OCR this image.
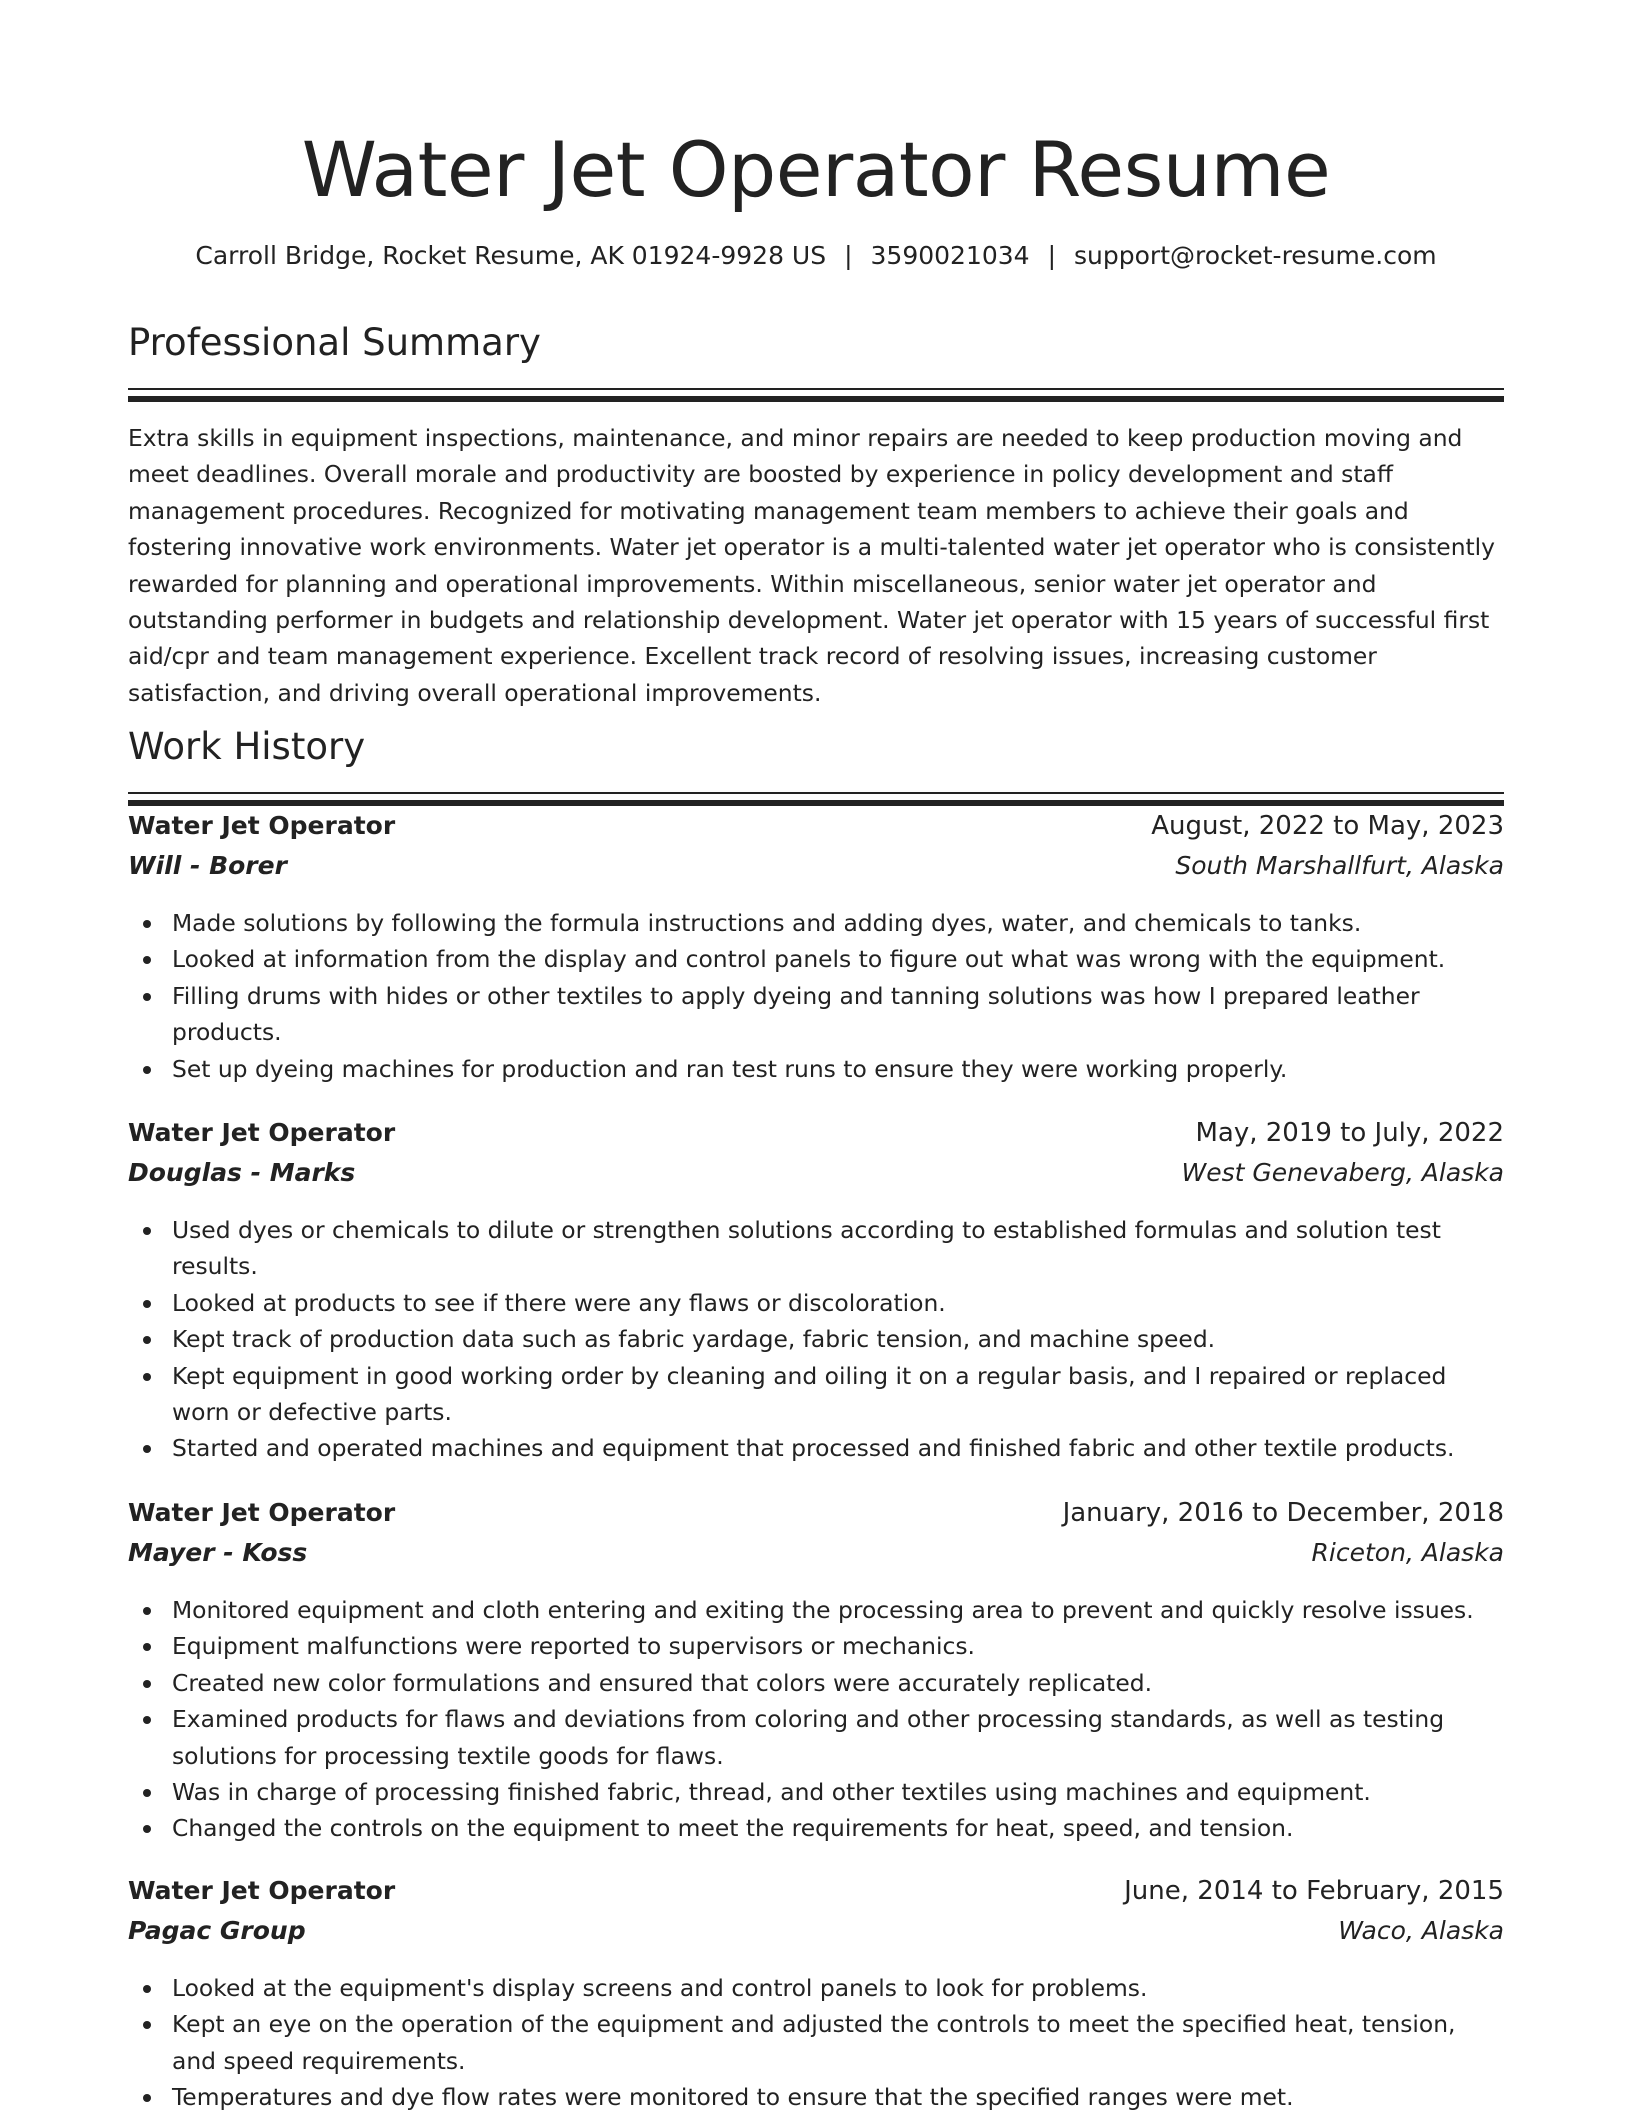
Water Jet Operator Resume
Carroll Bridge, Rocket Resume, AK 01924-9928 US | 3590021034 | support@rocket-resume.com
Professional Summary

Extra skills in equipment inspections, maintenance, and minor repairs are needed to keep production moving and meet deadlines. Overall morale and productivity are boosted by experience in policy development and staff management procedures. Recognized for motivating management team members to achieve their goals and fostering innovative work environments. Water jet operator is a multi-talented water jet operator who is consistently rewarded for planning and operational improvements. Within miscellaneous, senior water jet operator and outstanding performer in budgets and relationship development. Water jet operator with 15 years of successful first aid/cpr and team management experience. Excellent track record of resolving issues, increasing customer satisfaction, and driving overall operational improvements.

Work History
Water Jet Operator	August, 2022 to May, 2023
Will - Borer	South Marshallfurt, Alaska
Made solutions by following the formula instructions and adding dyes, water, and chemicals to tanks.
Looked at information from the display and control panels to figure out what was wrong with the equipment.
Filling drums with hides or other textiles to apply dyeing and tanning solutions was how I prepared leather products.
Set up dyeing machines for production and ran test runs to ensure they were working properly.
Water Jet Operator	May, 2019 to July, 2022
Douglas - Marks	West Genevaberg, Alaska
Used dyes or chemicals to dilute or strengthen solutions according to established formulas and solution test results.
Looked at products to see if there were any flaws or discoloration.
Kept track of production data such as fabric yardage, fabric tension, and machine speed.
Kept equipment in good working order by cleaning and oiling it on a regular basis, and I repaired or replaced worn or defective parts.
Started and operated machines and equipment that processed and finished fabric and other textile products.
Water Jet Operator	January, 2016 to December, 2018
Mayer - Koss	Riceton, Alaska
Monitored equipment and cloth entering and exiting the processing area to prevent and quickly resolve issues.
Equipment malfunctions were reported to supervisors or mechanics.
Created new color formulations and ensured that colors were accurately replicated.
Examined products for flaws and deviations from coloring and other processing standards, as well as testing solutions for processing textile goods for flaws.
Was in charge of processing finished fabric, thread, and other textiles using machines and equipment.
Changed the controls on the equipment to meet the requirements for heat, speed, and tension.
Water Jet Operator	June, 2014 to February, 2015
Pagac Group	Waco, Alaska
Looked at the equipment's display screens and control panels to look for problems.
Kept an eye on the operation of the equipment and adjusted the controls to meet the specified heat, tension, and speed requirements.
Temperatures and dye flow rates were monitored to ensure that the specified ranges were met.
